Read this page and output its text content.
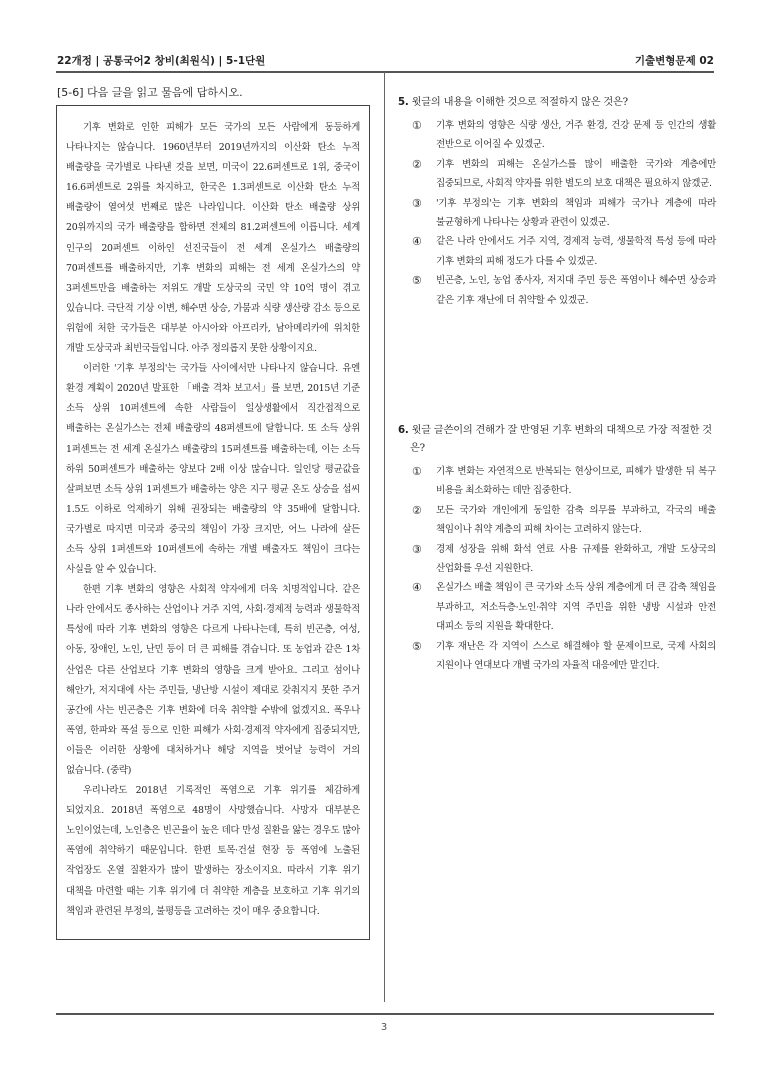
22개정 | 공통국어2 창비(최원식) | 5-1단원	기출변형문제 02
[5-6] 다음 글을 읽고 물음에 답하시오.

기후 변화로 인한 피해가 모든 국가의 모든 사람에게 동등하게 나타나지는 않습니다. 1960년부터 2019년까지의 이산화 탄소 누적 배출량을 국가별로 나타낸 것을 보면, 미국이 22.6퍼센트로 1위, 중국이 16.6퍼센트로 2위를 차지하고, 한국은 1.3퍼센트로 이산화 탄소 누적 배출량이 열여섯 번째로 많은 나라입니다. 이산화 탄소 배출량 상위 20위까지의 국가 배출량을 합하면 전체의 81.2퍼센트에 이릅니다. 세계 인구의 20퍼센트 이하인 선진국들이 전 세계 온실가스 배출량의 70퍼센트를 배출하지만, 기후 변화의 피해는 전 세계 온실가스의 약 3퍼센트만을 배출하는 저위도 개발 도상국의 국민 약 10억 명이 겪고 있습니다. 극단적 기상 이변, 해수면 상승, 가뭄과 식량 생산량 감소 등으로 위험에 처한 국가들은 대부분 아시아와 아프리카, 남아메리카에 위치한 개발 도상국과 최빈국들입니다. 아주 정의롭지 못한 상황이지요.

이러한 '기후 부정의'는 국가들 사이에서만 나타나지 않습니다. 유엔 환경 계획이 2020년 발표한 「배출 격차 보고서」를 보면, 2015년 기준 소득 상위 10퍼센트에 속한 사람들이 일상생활에서 직간접적으로 배출하는 온실가스는 전체 배출량의 48퍼센트에 달합니다. 또 소득 상위 1퍼센트는 전 세계 온실가스 배출량의 15퍼센트를 배출하는데, 이는 소득 하위 50퍼센트가 배출하는 양보다 2배 이상 많습니다. 일인당 평균값을 살펴보면 소득 상위 1퍼센트가 배출하는 양은 지구 평균 온도 상승을 섭씨 1.5도 이하로 억제하기 위해 권장되는 배출량의 약 35배에 달합니다. 국가별로 따지면 미국과 중국의 책임이 가장 크지만, 어느 나라에 살든 소득 상위 1퍼센트와 10퍼센트에 속하는 개별 배출자도 책임이 크다는 사실을 알 수 있습니다.

한편 기후 변화의 영향은 사회적 약자에게 더욱 치명적입니다. 같은 나라 안에서도 종사하는 산업이나 거주 지역, 사회·경제적 능력과 생물학적 특성에 따라 기후 변화의 영향은 다르게 나타나는데, 특히 빈곤층, 여성, 아동, 장애인, 노인, 난민 등이 더 큰 피해를 겪습니다. 또 농업과 같은 1차 산업은 다른 산업보다 기후 변화의 영향을 크게 받아요. 그리고 섬이나 해안가, 저지대에 사는 주민들, 냉난방 시설이 제대로 갖춰지지 못한 주거 공간에 사는 빈곤층은 기후 변화에 더욱 취약할 수밖에 없겠지요. 폭우나 폭염, 한파와 폭설 등으로 인한 피해가 사회·경제적 약자에게 집중되지만, 이들은 이러한 상황에 대처하거나 해당 지역을 벗어날 능력이 거의 없습니다. (중략)

우리나라도 2018년 기록적인 폭염으로 기후 위기를 체감하게 되었지요. 2018년 폭염으로 48명이 사망했습니다. 사망자 대부분은 노인이었는데, 노인층은 빈곤율이 높은 데다 만성 질환을 앓는 경우도 많아 폭염에 취약하기 때문입니다. 한편 토목·건설 현장 등 폭염에 노출된 작업장도 온열 질환자가 많이 발생하는 장소이지요. 따라서 기후 위기 대책을 마련할 때는 기후 위기에 더 취약한 계층을 보호하고 기후 위기의 책임과 관련된 부정의, 불평등을 고려하는 것이 매우 중요합니다.

5. 윗글의 내용을 이해한 것으로 적절하지 않은 것은?

①	기후 변화의 영향은 식량 생산, 거주 환경, 건강 문제 등 인간의 생활 전반으로 이어질 수 있겠군.
②	기후 변화의 피해는 온실가스를 많이 배출한 국가와 계층에만 집중되므로, 사회적 약자를 위한 별도의 보호 대책은 필요하지 않겠군.
③	'기후 부정의'는 기후 변화의 책임과 피해가 국가나 계층에 따라 불균형하게 나타나는 상황과 관련이 있겠군.
④	같은 나라 안에서도 거주 지역, 경제적 능력, 생물학적 특성 등에 따라 기후 변화의 피해 정도가 다를 수 있겠군.
⑤	빈곤층, 노인, 농업 종사자, 저지대 주민 등은 폭염이나 해수면 상승과 같은 기후 재난에 더 취약할 수 있겠군.

6. 윗글 글쓴이의 견해가 잘 반영된 기후 변화의 대책으로 가장 적절한 것은?

①	기후 변화는 자연적으로 반복되는 현상이므로, 피해가 발생한 뒤 복구 비용을 최소화하는 데만 집중한다.
②	모든 국가와 개인에게 동일한 감축 의무를 부과하고, 각국의 배출 책임이나 취약 계층의 피해 차이는 고려하지 않는다.
③	경제 성장을 위해 화석 연료 사용 규제를 완화하고, 개발 도상국의 산업화를 우선 지원한다.
④	온실가스 배출 책임이 큰 국가와 소득 상위 계층에게 더 큰 감축 책임을 부과하고, 저소득층·노인·취약 지역 주민을 위한 냉방 시설과 안전 대피소 등의 지원을 확대한다.
⑤	기후 재난은 각 지역이 스스로 해결해야 할 문제이므로, 국제 사회의 지원이나 연대보다 개별 국가의 자율적 대응에만 맡긴다.
3
